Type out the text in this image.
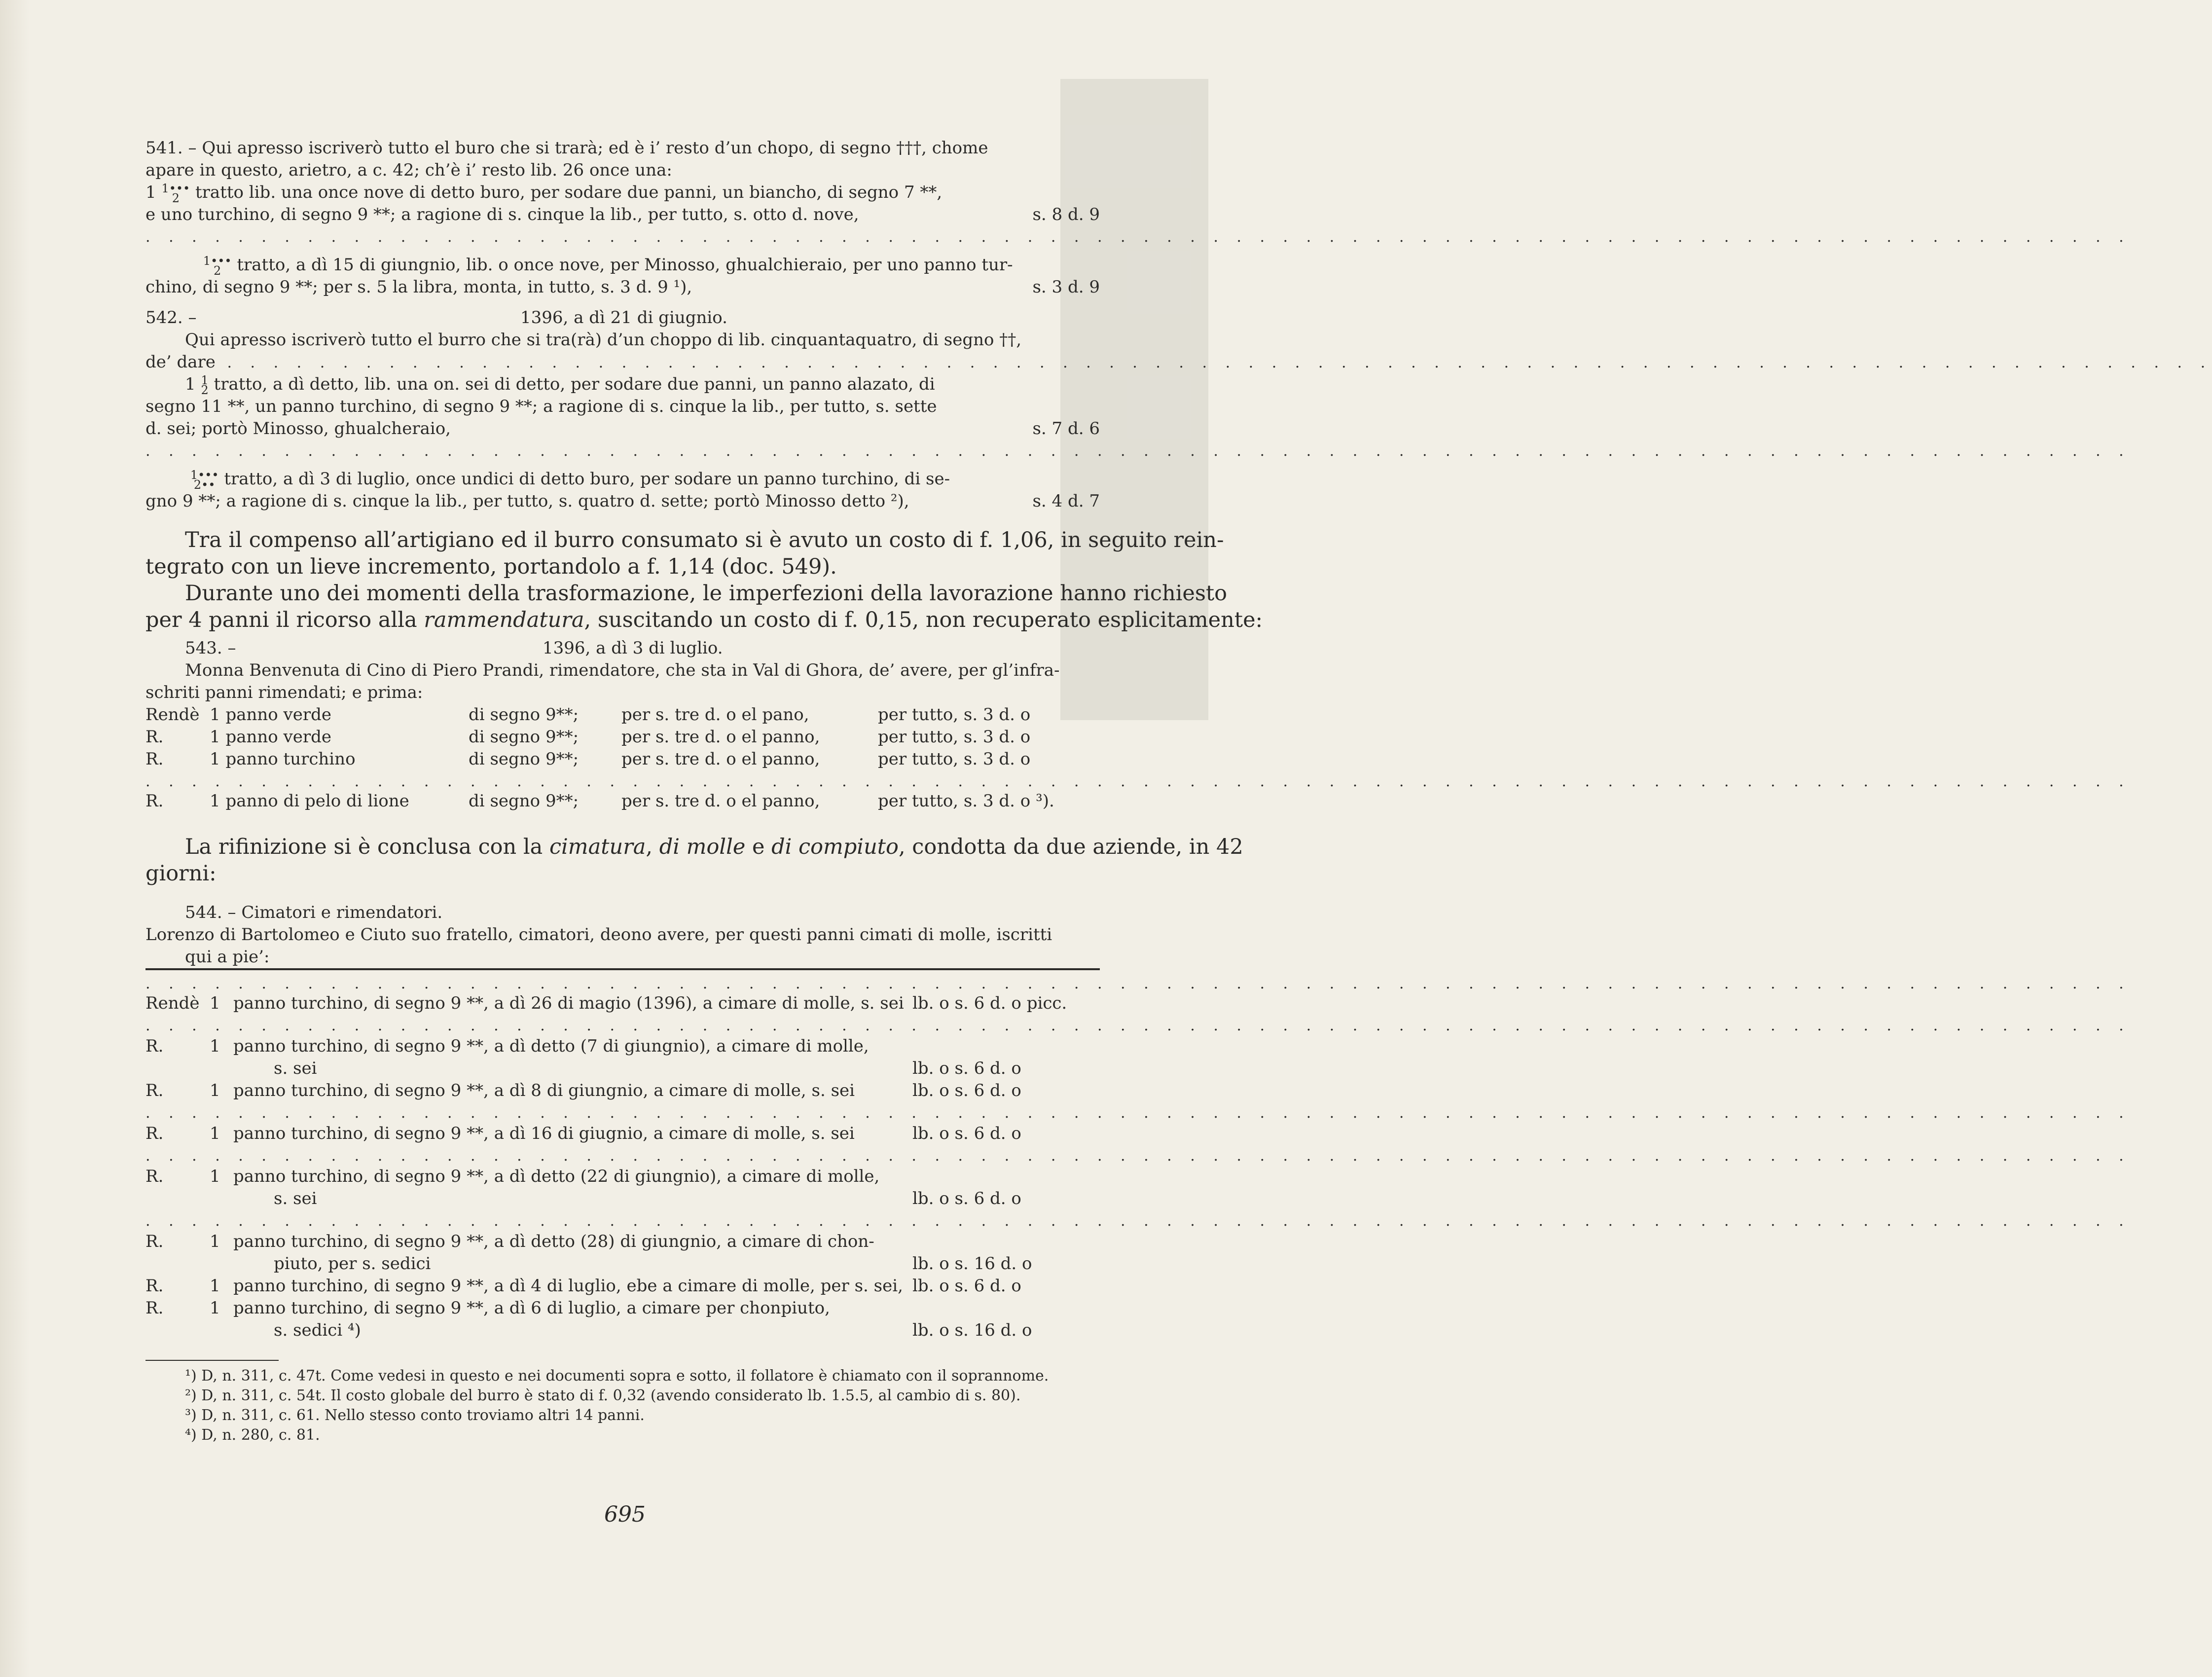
541. – Qui apresso iscriverò tutto el buro che si trarà; ed è i’ resto d’un chopo, di segno †††, chome
apare in questo, arietro, a c. 42; ch’è i’ resto lib. 26 once una:
1 1•••
2 tratto lib. una once nove di detto buro, per sodare due panni, un biancho, di segno 7 **,
e uno turchino, di segno 9 **; a ragione di s. cinque la lib., per tutto, s. otto d. nove,	s. 8 d. 9
. . . . . . . . . . . . . . . . . . . . . . . . . . . . . . . . . . . . . . . . . . . . . . . . . . . . . . . . . . . . . . . . . . . . . . . . . . . . . . . . . . . . . .

1•••
2 tratto, a dì 15 di giungnio, lib. o once nove, per Minosso, ghualchieraio, per uno panno tur-
chino, di segno 9 **; per s. 5 la libra, monta, in tutto, s. 3 d. 9 ¹),	s. 3 d. 9
542. –	1396, a dì 21 di giugnio.
Qui apresso iscriverò tutto el burro che si tra(rà) d’un choppo di lib. cinquantaquatro, di segno ††,
de’ dare . . . . . . . . . . . . . . . . . . . . . . . . . . . . . . . . . . . . . . . . . . . . . . . . . . . . . . . . . . . . . . . . . . . . . . . . . . . . . . . . . . . . . .
1 1
2 tratto, a dì detto, lib. una on. sei di detto, per sodare due panni, un panno alazato, di
segno 11 **, un panno turchino, di segno 9 **; a ragione di s. cinque la lib., per tutto, s. sette
d. sei; portò Minosso, ghualcheraio,	s. 7 d. 6
. . . . . . . . . . . . . . . . . . . . . . . . . . . . . . . . . . . . . . . . . . . . . . . . . . . . . . . . . . . . . . . . . . . . . . . . . . . . . . . . . . . . . .

1•••
2•• tratto, a dì 3 di luglio, once undici di detto buro, per sodare un panno turchino, di se-
gno 9 **; a ragione di s. cinque la lib., per tutto, s. quatro d. sette; portò Minosso detto ²),	s. 4 d. 7
Tra il compenso all’artigiano ed il burro consumato si è avuto un costo di f. 1,06, in seguito rein-
tegrato con un lieve incremento, portandolo a f. 1,14 (doc. 549).
Durante uno dei momenti della trasformazione, le imperfezioni della lavorazione hanno richiesto
per 4 panni il ricorso alla rammendatura, suscitando un costo di f. 0,15, non recuperato esplicitamente:
543. –	1396, a dì 3 di luglio.
Monna Benvenuta di Cino di Piero Prandi, rimendatore, che sta in Val di Ghora, de’ avere, per gl’infra-
schriti panni rimendati; e prima:
Rendè 1 panno verde	di segno 9**;	per s. tre d. o el pano,	per tutto, s. 3 d. o
R.	1 panno verde	di segno 9**;	per s. tre d. o el panno,	per tutto, s. 3 d. o
R.	1 panno turchino	di segno 9**;	per s. tre d. o el panno,	per tutto, s. 3 d. o
. . . . . . . . . . . . . . . . . . . . . . . . . . . . . . . . . . . . . . . . . . . . . . . . . . . . . . . . . . . . . . . . . . . . . . . . . . . . . . . . . . . . . .
R.	1 panno di pelo di lione	di segno 9**;	per s. tre d. o el panno,	per tutto, s. 3 d. o ³).
La rifinizione si è conclusa con la cimatura, di molle e di compiuto, condotta da due aziende, in 42
giorni:
544. – Cimatori e rimendatori.
Lorenzo di Bartolomeo e Ciuto suo fratello, cimatori, deono avere, per questi panni cimati di molle, iscritti
qui a pie’:
. . . . . . . . . . . . . . . . . . . . . . . . . . . . . . . . . . . . . . . . . . . . . . . . . . . . . . . . . . . . . . . . . . . . . . . . . . . . . . . . . . . . . .
Rendè 1 panno turchino, di segno 9 **, a dì 26 di magio (1396), a cimare di molle, s. sei lb. o s. 6 d. o picc.
. . . . . . . . . . . . . . . . . . . . . . . . . . . . . . . . . . . . . . . . . . . . . . . . . . . . . . . . . . . . . . . . . . . . . . . . . . . . . . . . . . . . . .
R.	1 panno turchino, di segno 9 **, a dì detto (7 di giungnio), a cimare di molle,
s. sei	lb. o s. 6 d. o
R.	1 panno turchino, di segno 9 **, a dì 8 di giungnio, a cimare di molle, s. sei	lb. o s. 6 d. o
. . . . . . . . . . . . . . . . . . . . . . . . . . . . . . . . . . . . . . . . . . . . . . . . . . . . . . . . . . . . . . . . . . . . . . . . . . . . . . . . . . . . . .
R.	1 panno turchino, di segno 9 **, a dì 16 di giugnio, a cimare di molle, s. sei	lb. o s. 6 d. o
. . . . . . . . . . . . . . . . . . . . . . . . . . . . . . . . . . . . . . . . . . . . . . . . . . . . . . . . . . . . . . . . . . . . . . . . . . . . . . . . . . . . . .
R.	1 panno turchino, di segno 9 **, a dì detto (22 di giungnio), a cimare di molle,
s. sei	lb. o s. 6 d. o
. . . . . . . . . . . . . . . . . . . . . . . . . . . . . . . . . . . . . . . . . . . . . . . . . . . . . . . . . . . . . . . . . . . . . . . . . . . . . . . . . . . . . .
R.	1 panno turchino, di segno 9 **, a dì detto (28) di giungnio, a cimare di chon-
piuto, per s. sedici	lb. o s. 16 d. o
R.	1 panno turchino, di segno 9 **, a dì 4 di luglio, ebe a cimare di molle, per s. sei, lb. o s. 6 d. o
R.	1 panno turchino, di segno 9 **, a dì 6 di luglio, a cimare per chonpiuto,
s. sedici ⁴)	lb. o s. 16 d. o
¹) D, n. 311, c. 47t. Come vedesi in questo e nei documenti sopra e sotto, il follatore è chiamato con il soprannome.
²) D, n. 311, c. 54t. Il costo globale del burro è stato di f. 0,32 (avendo considerato lb. 1.5.5, al cambio di s. 80).
³) D, n. 311, c. 61. Nello stesso conto troviamo altri 14 panni.
⁴) D, n. 280, c. 81.
695
